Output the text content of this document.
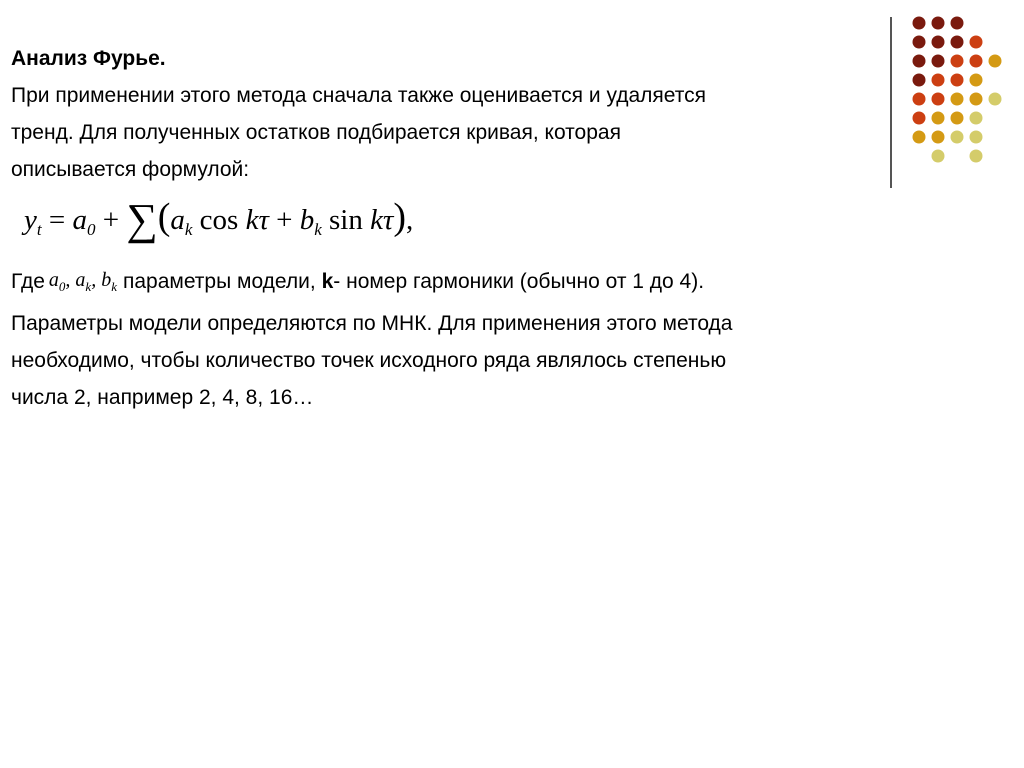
Анализ Фурье.
При применении этого метода сначала также оценивается и удаляется
тренд. Для полученных остатков подбирается кривая, которая
описывается формулой:
$y_t = a_0 + \sum(a_k$ $\cos k\tau + b_k$ sin kτ),
Где $a_0$, $a_k$, $b_k$ параметры модели, k- номер гармоники (обычно от 1 до 4).
Параметры модели определяются по МНК. Для применения этого метода
необходимо, чтобы количество точек исходного ряда являлось степенью
числа 2, например 2, 4, 8, 16…
